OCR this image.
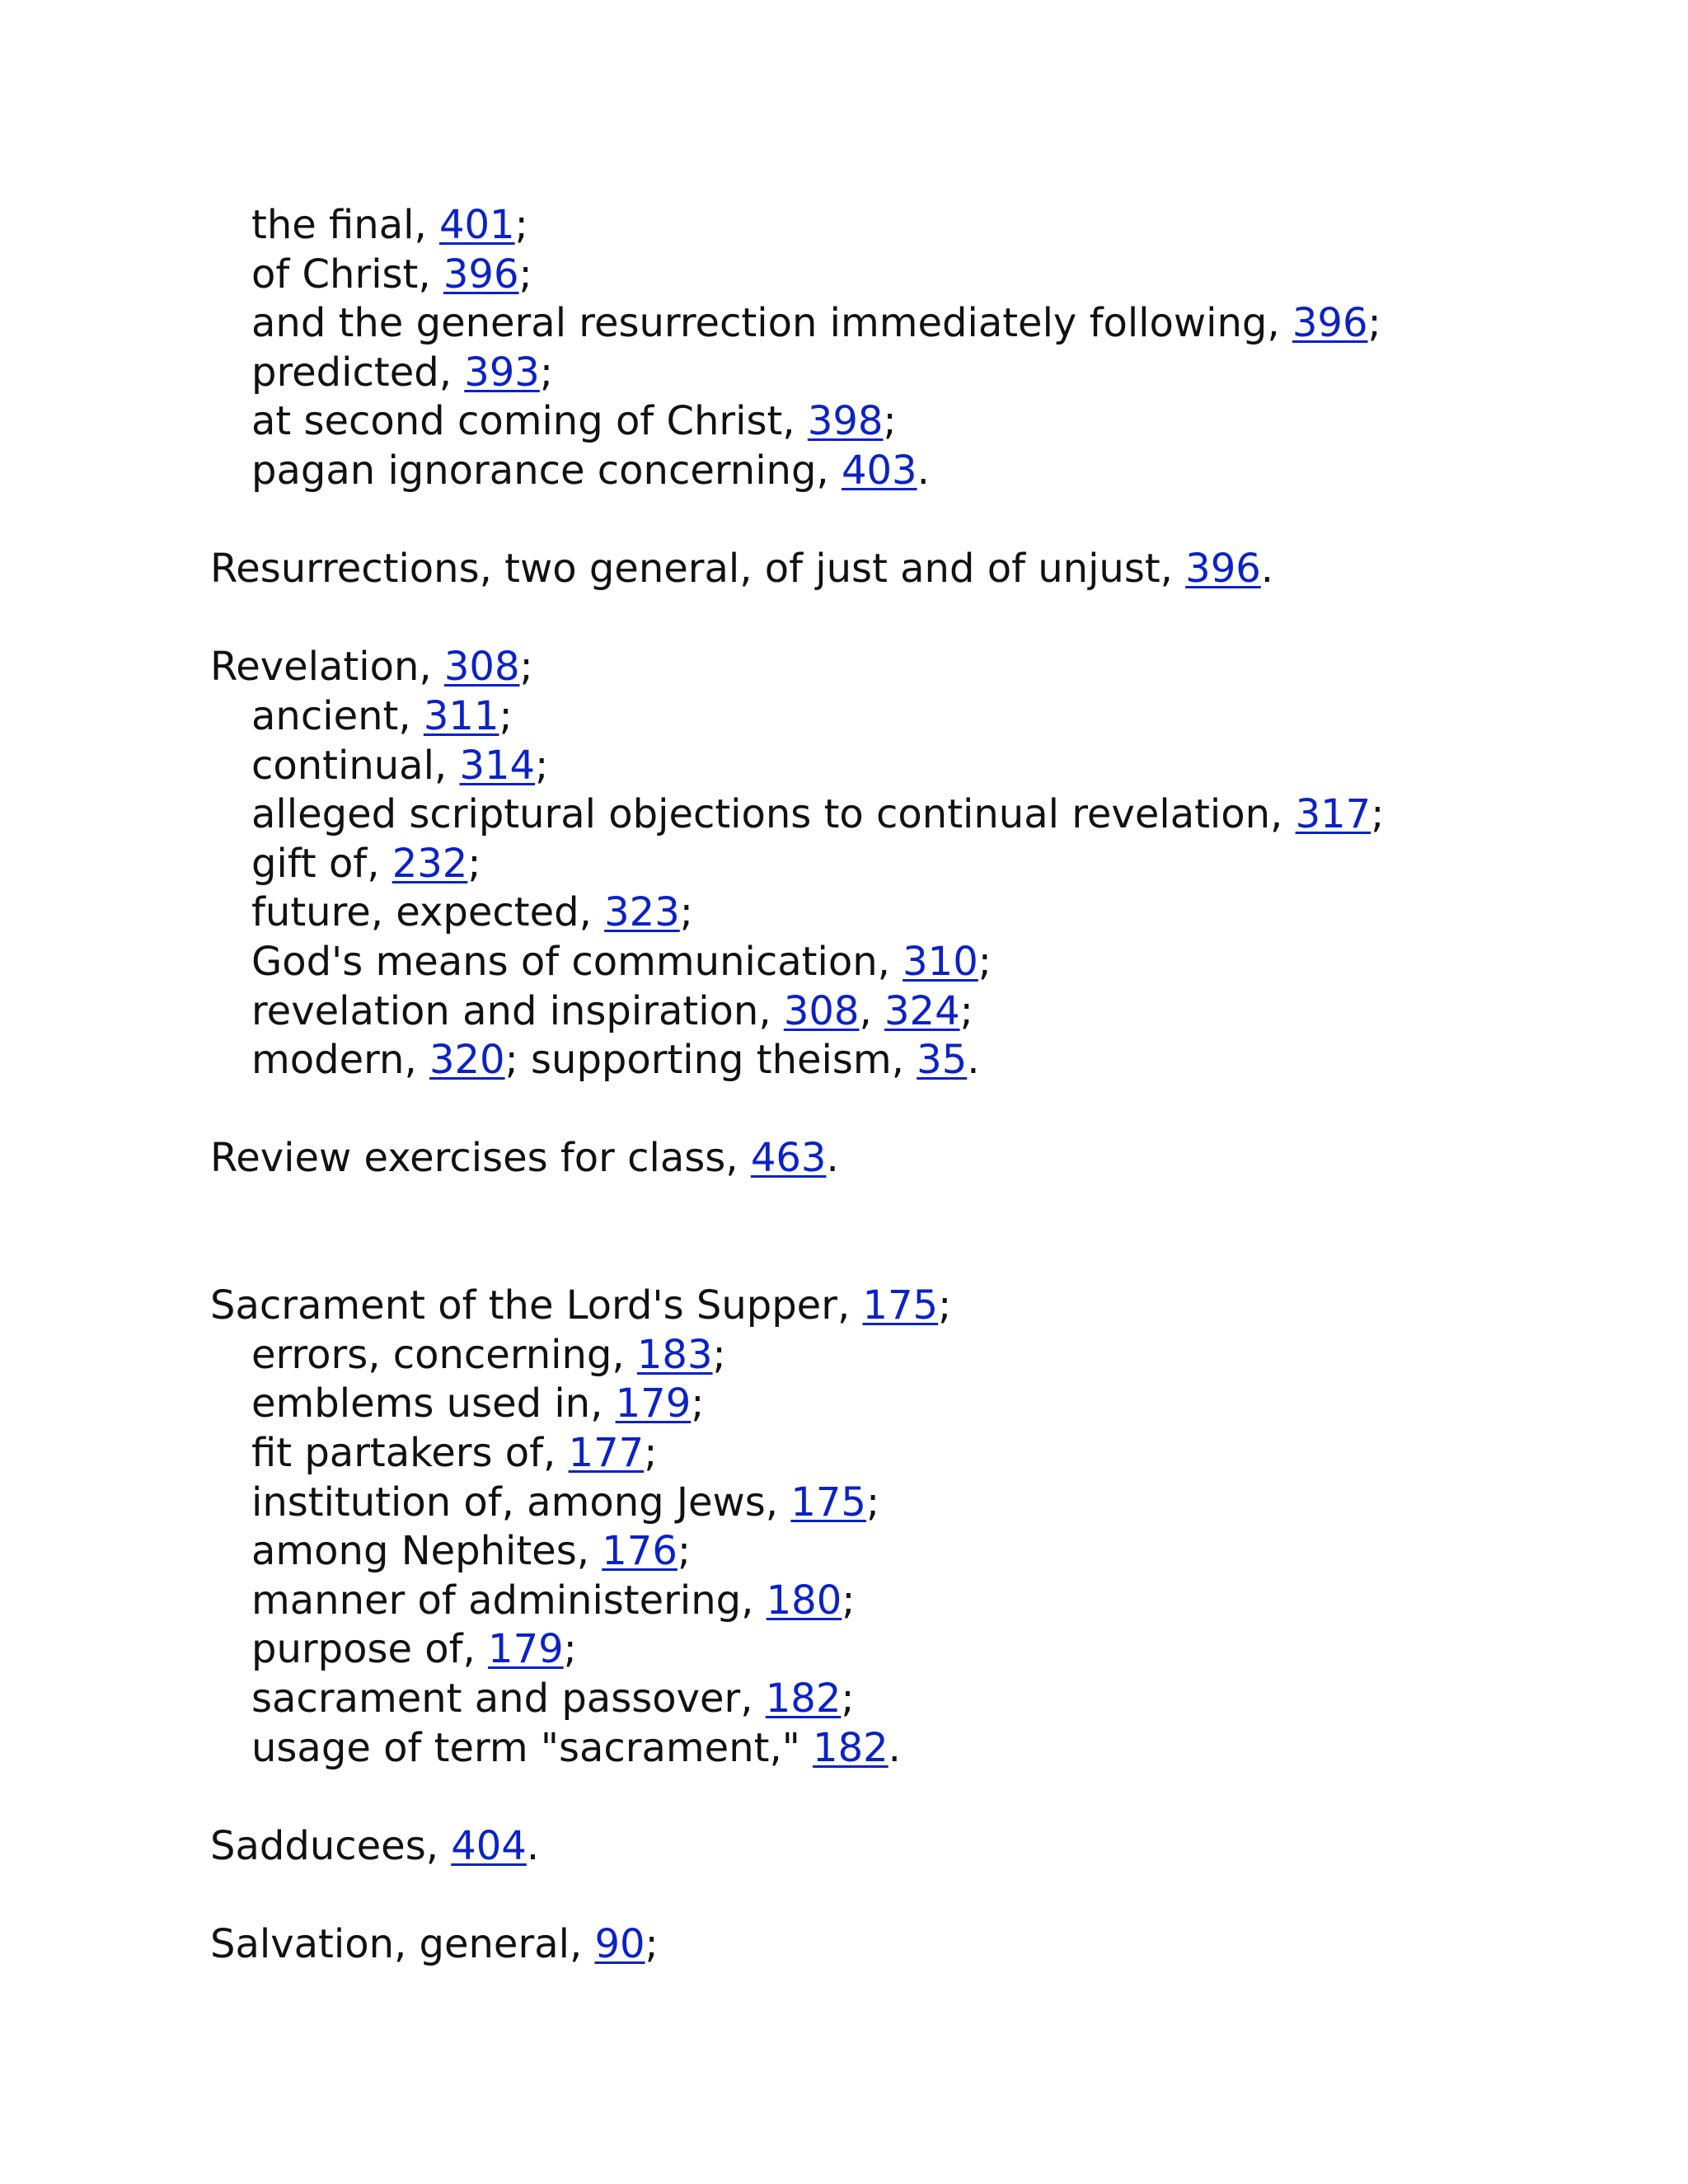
the final, 401;
of Christ, 396;
and the general resurrection immediately following, 396;
predicted, 393;
at second coming of Christ, 398;
pagan ignorance concerning, 403.
Resurrections, two general, of just and of unjust, 396.
Revelation, 308;
ancient, 311;
continual, 314;
alleged scriptural objections to continual revelation, 317;
gift of, 232;
future, expected, 323;
God's means of communication, 310;
revelation and inspiration, 308, 324;
modern, 320; supporting theism, 35.
Review exercises for class, 463.
Sacrament of the Lord's Supper, 175;
errors, concerning, 183;
emblems used in, 179;
fit partakers of, 177;
institution of, among Jews, 175;
among Nephites, 176;
manner of administering, 180;
purpose of, 179;
sacrament and passover, 182;
usage of term "sacrament," 182.
Sadducees, 404.
Salvation, general, 90;
